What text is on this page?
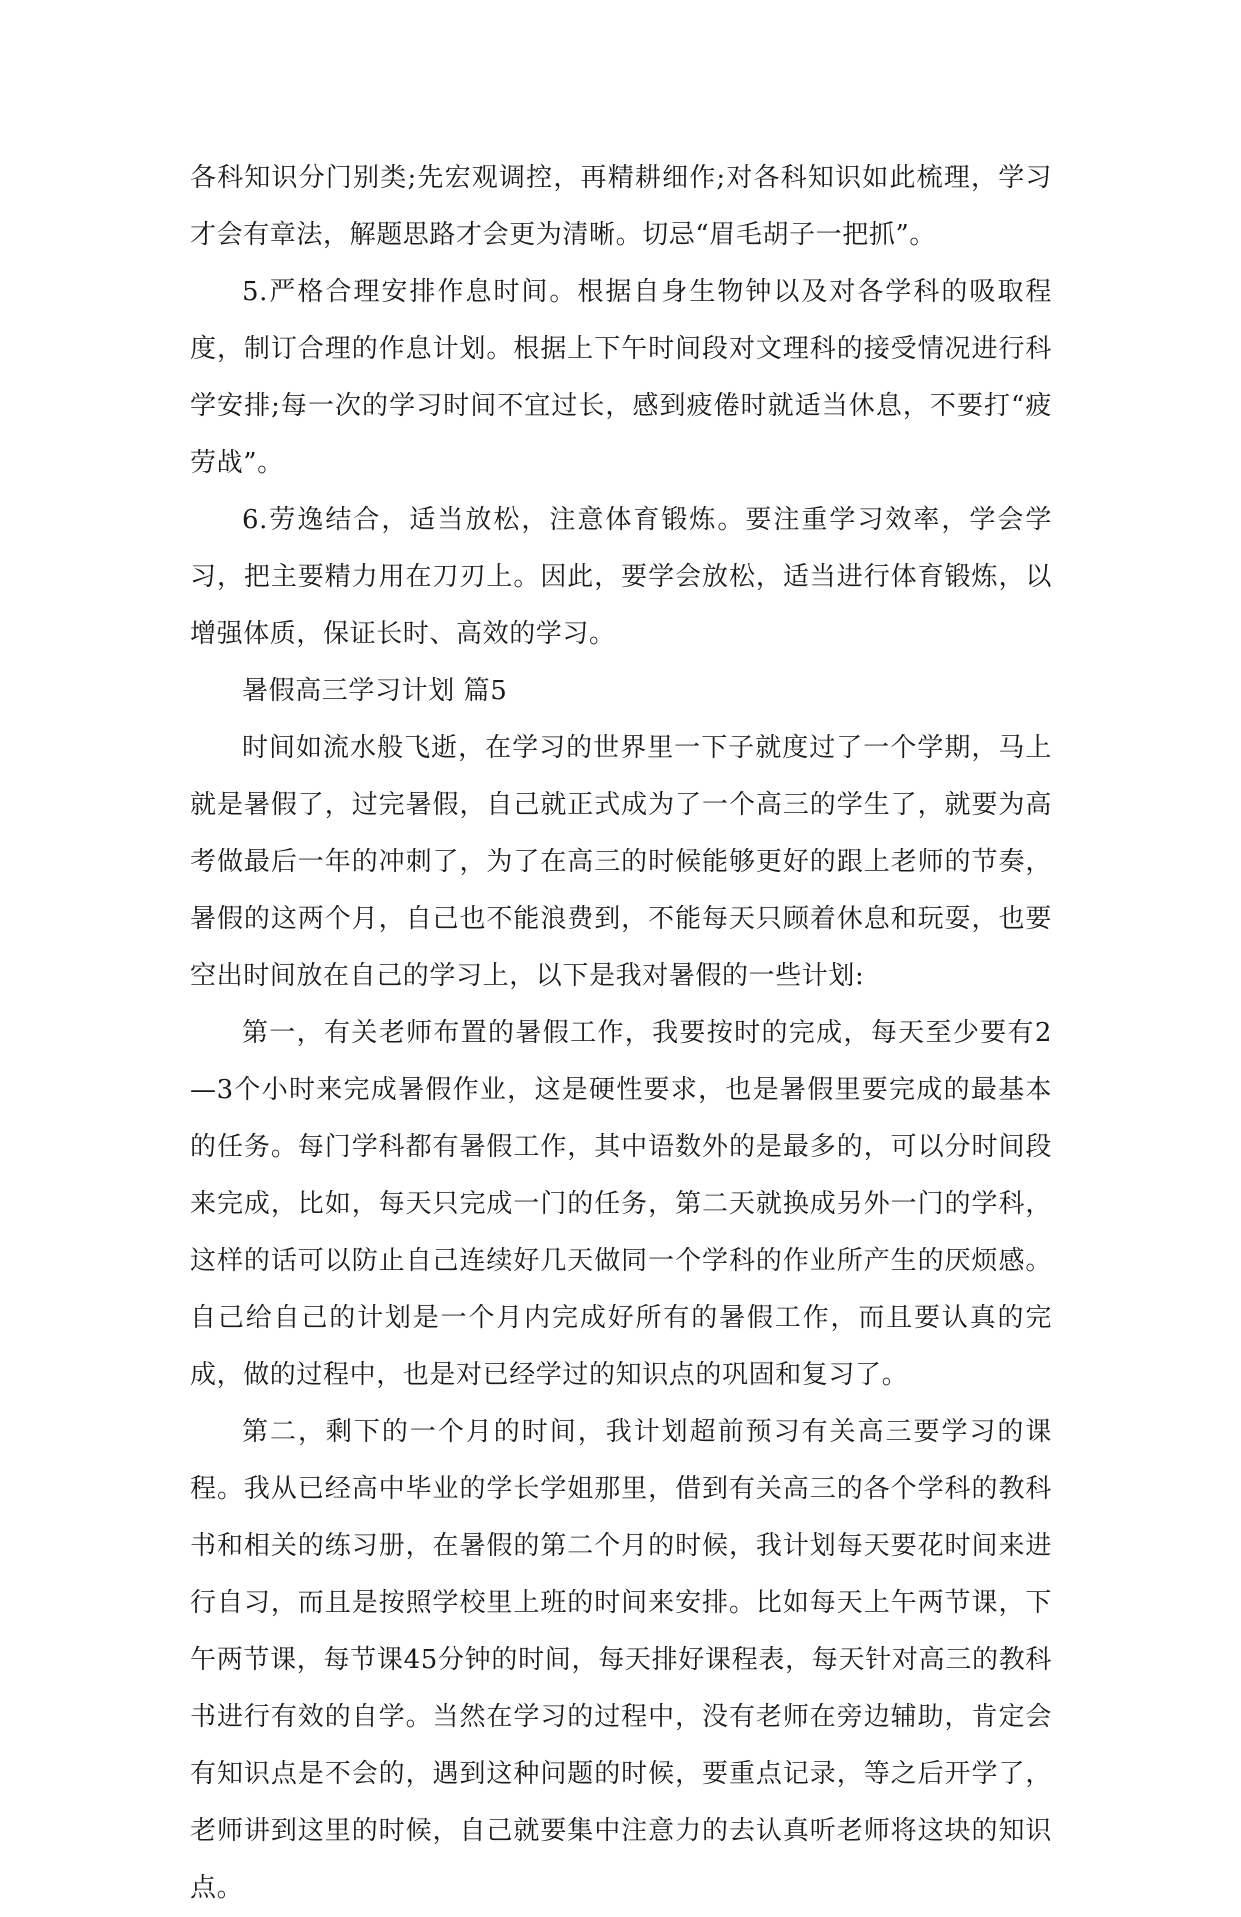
各科知识分门别类;先宏观调控，再精耕细作;对各科知识如此梳理，学习才会有章法，解题思路才会更为清晰。切忌“眉毛胡子一把抓”。

5.严格合理安排作息时间。根据自身生物钟以及对各学科的吸取程度，制订合理的作息计划。根据上下午时间段对文理科的接受情况进行科学安排;每一次的学习时间不宜过长，感到疲倦时就适当休息，不要打“疲劳战”。

6.劳逸结合，适当放松，注意体育锻炼。要注重学习效率，学会学习，把主要精力用在刀刃上。因此，要学会放松，适当进行体育锻炼，以增强体质，保证长时、高效的学习。

暑假高三学习计划 篇5

时间如流水般飞逝，在学习的世界里一下子就度过了一个学期，马上就是暑假了，过完暑假，自己就正式成为了一个高三的学生了，就要为高考做最后一年的冲刺了，为了在高三的时候能够更好的跟上老师的节奏，暑假的这两个月，自己也不能浪费到，不能每天只顾着休息和玩耍，也要空出时间放在自己的学习上，以下是我对暑假的一些计划:

第一，有关老师布置的暑假工作，我要按时的完成，每天至少要有2—3个小时来完成暑假作业，这是硬性要求，也是暑假里要完成的最基本的任务。每门学科都有暑假工作，其中语数外的是最多的，可以分时间段来完成，比如，每天只完成一门的任务，第二天就换成另外一门的学科，这样的话可以防止自己连续好几天做同一个学科的作业所产生的厌烦感。自己给自己的计划是一个月内完成好所有的暑假工作，而且要认真的完成，做的过程中，也是对已经学过的知识点的巩固和复习了。

第二，剩下的一个月的时间，我计划超前预习有关高三要学习的课程。我从已经高中毕业的学长学姐那里，借到有关高三的各个学科的教科书和相关的练习册，在暑假的第二个月的时候，我计划每天要花时间来进行自习，而且是按照学校里上班的时间来安排。比如每天上午两节课，下午两节课，每节课45分钟的时间，每天排好课程表，每天针对高三的教科书进行有效的自学。当然在学习的过程中，没有老师在旁边辅助，肯定会有知识点是不会的，遇到这种问题的时候，要重点记录，等之后开学了，老师讲到这里的时候，自己就要集中注意力的去认真听老师将这块的知识点。
